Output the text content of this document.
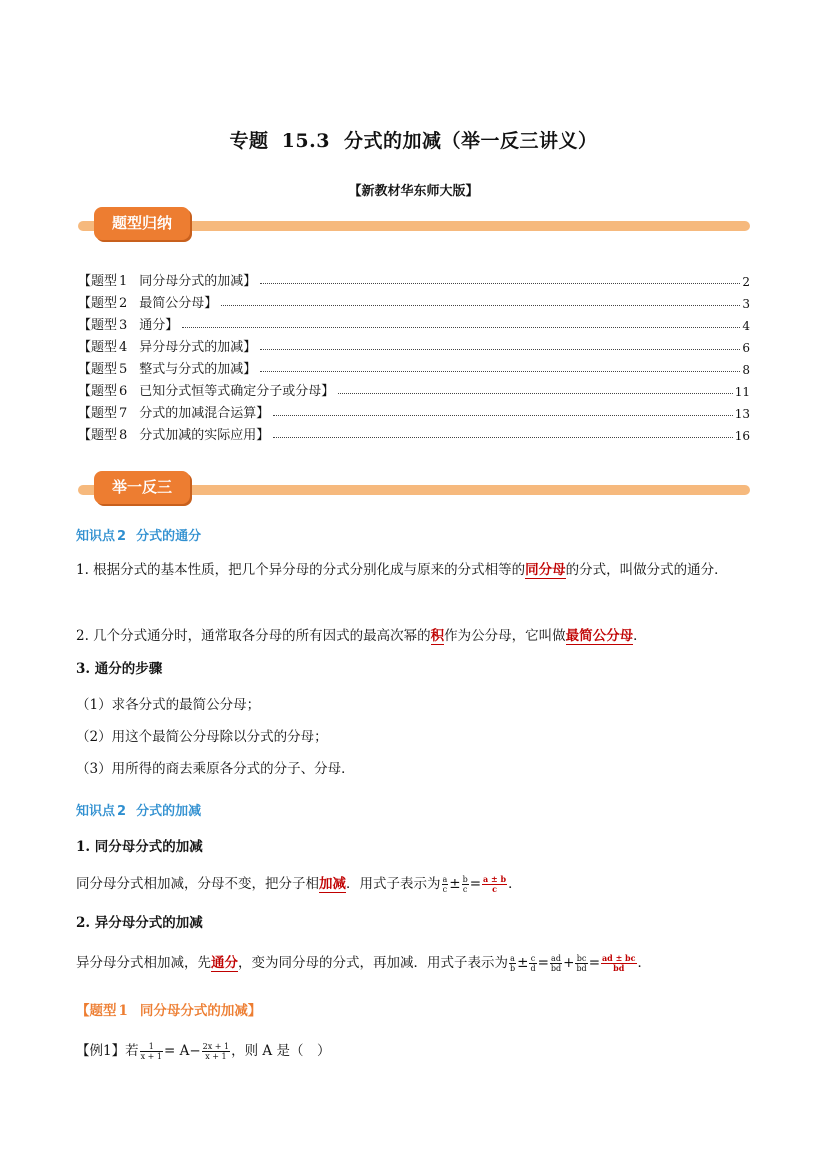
专题 15.3 分式的加减（举一反三讲义）
【新教材华东师大版】
题型归纳
【题型 1 同分母分式的加减】	2
【题型 2 最简公分母】	3
【题型 3 通分】	4
【题型 4 异分母分式的加减】	6
【题型 5 整式与分式的加减】	8
【题型 6 已知分式恒等式确定分子或分母】	11
【题型 7 分式的加减混合运算】	13
【题型 8 分式加减的实际应用】	16
举一反三
知识点 2 分式的通分
1. 根据分式的基本性质，把几个异分母的分式分别化成与原来的分式相等的同分母的分式，叫做分式的通分．
2. 几个分式通分时，通常取各分母的所有因式的最高次幂的积作为公分母，它叫做最简公分母．
3. 通分的步骤
（1）求各分式的最简公分母；
（2）用这个最简公分母除以分式的分母；
（3）用所得的商去乘原各分式的分子、分母．
知识点 2 分式的加减
1. 同分母分式的加减
同分母分式相加减，分母不变，把分子相加减．用式子表示为 $\frac{a}{c} \pm \frac{b}{c} = \frac{a \pm b}{c}$ ．
2. 异分母分式的加减
异分母分式相加减，先通分，变为同分母的分式，再加减．用式子表示为 $\frac{a}{b} \pm \frac{c}{d} = \frac{ad}{bd} + \frac{bc}{bd} = \frac{ad \pm bc}{bd}$ ．
【题型 1 同分母分式的加减】
【例1】若 $\frac{1}{x + 1} = A- \frac{2x + 1}{x + 1}$ ，则 A 是（　）
